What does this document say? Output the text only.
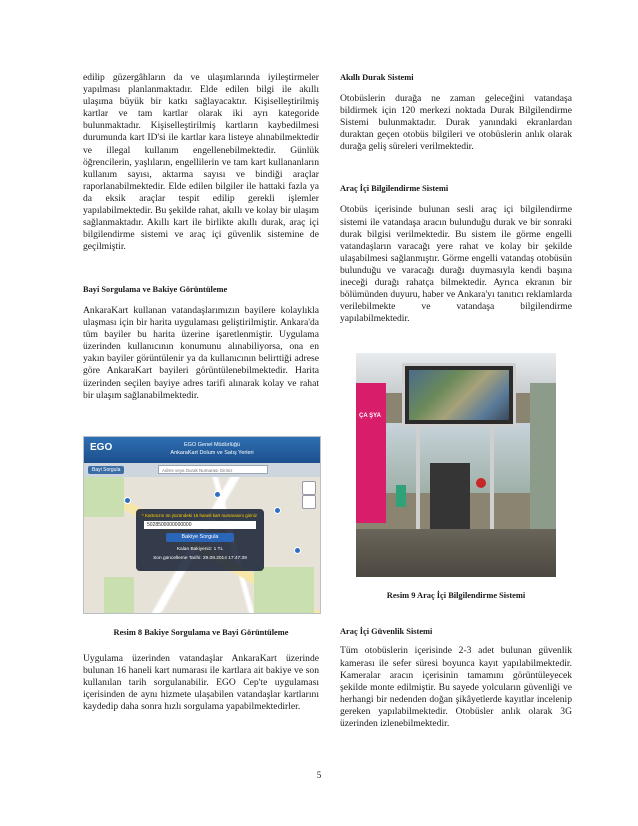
edilip güzergâhların da ve ulaşımlarında iyileştirmeler yapılması planlanmaktadır. Elde edilen bilgi ile akıllı ulaşıma büyük bir katkı sağlayacaktır. Kişiselleştirilmiş kartlar ve tam kartlar olarak iki ayrı kategoride bulunmaktadır. Kişiselleştirilmiş kartların kaybedilmesi durumunda kart ID'si ile kartlar kara listeye alınabilmektedir ve illegal kullanım engellenebilmektedir. Günlük öğrencilerin, yaşlıların, engellilerin ve tam kart kullananların kullanım sayısı, aktarma sayısı ve bindiği araçlar raporlanabilmektedir. Elde edilen bilgiler ile hattaki fazla ya da eksik araçlar tespit edilip gerekli işlemler yapılabilmektedir. Bu şekilde rahat, akıllı ve kolay bir ulaşım sağlanmaktadır. Akıllı kart ile birlikte akıllı durak, araç içi bilgilendirme sistemi ve araç içi güvenlik sistemine de geçilmiştir.

Bayi Sorgulama ve Bakiye Görüntüleme

AnkaraKart kullanan vatandaşlarımızın bayilere kolaylıkla ulaşması için bir harita uygulaması geliştirilmiştir. Ankara'da tüm bayiler bu harita üzerine işaretlenmiştir. Uygulama üzerinden kullanıcının konumunu alınabiliyorsa, ona en yakın bayiler görüntülenir ya da kullanıcının belirttiği adrese göre AnkaraKart bayileri görüntülenebilmektedir. Harita üzerinden seçilen bayiye adres tarifi alınarak kolay ve rahat bir ulaşım sağlanabilmektedir.

EGO	EGO Genel Müdürlüğü
AnkaraKart Dolum ve Satış Yerleri
Bayi Sorgula	Adres veya Durak Numarası Giriniz
* Kartınızın ön yüzündeki 16 haneli kart numarasını giriniz
5028500000000000
Bakiye Sorgula
Kalan Bakiyeniz: 1 TL
Son güncelleme Tarihi: 29.08.2014 17:47:39
Resim 8 Bakiye Sorgulama ve Bayi Görüntüleme

Uygulama üzerinden vatandaşlar AnkaraKart üzerinde bulunan 16 haneli kart numarası ile kartlara ait bakiye ve son kullanılan tarih sorgulanabilir. EGO Cep'te uygulaması içerisinden de aynı hizmete ulaşabilen vatandaşlar kartlarını kaydedip daha sonra hızlı sorgulama yapabilmektedirler.

Akıllı Durak Sistemi

Otobüslerin durağa ne zaman geleceğini vatandaşa bildirmek için 120 merkezi noktada Durak Bilgilendirme Sistemi bulunmaktadır. Durak yanındaki ekranlardan duraktan geçen otobüs bilgileri ve otobüslerin anlık olarak durağa geliş süreleri verilmektedir.

Araç İçi Bilgilendirme Sistemi

Otobüs içerisinde bulunan sesli araç içi bilgilendirme sistemi ile vatandaşa aracın bulunduğu durak ve bir sonraki durak bilgisi verilmektedir. Bu sistem ile görme engelli vatandaşların varacağı yere rahat ve kolay bir şekilde ulaşabilmesi sağlanmıştır. Görme engelli vatandaş otobüsün bulunduğu ve varacağı durağı duymasıyla kendi başına ineceği durağı rahatça bilmektedir. Ayrıca ekranın bir bölümünden duyuru, haber ve Ankara'yı tanıtıcı reklamlarda verilebilmekte ve vatandaşa bilgilendirme yapılabilmektedir.

ÇA ŞYA
Resim 9 Araç İçi Bilgilendirme Sistemi
Araç İçi Güvenlik Sistemi

Tüm otobüslerin içerisinde 2-3 adet bulunan güvenlik kamerası ile sefer süresi boyunca kayıt yapılabilmektedir. Kameralar aracın içerisinin tamamını görüntüleyecek şekilde monte edilmiştir. Bu sayede yolcuların güvenliği ve herhangi bir nedenden doğan şikâyetlerde kayıtlar incelenip gereken yapılabilmektedir. Otobüsler anlık olarak 3G üzerinden izlenebilmektedir.

5
